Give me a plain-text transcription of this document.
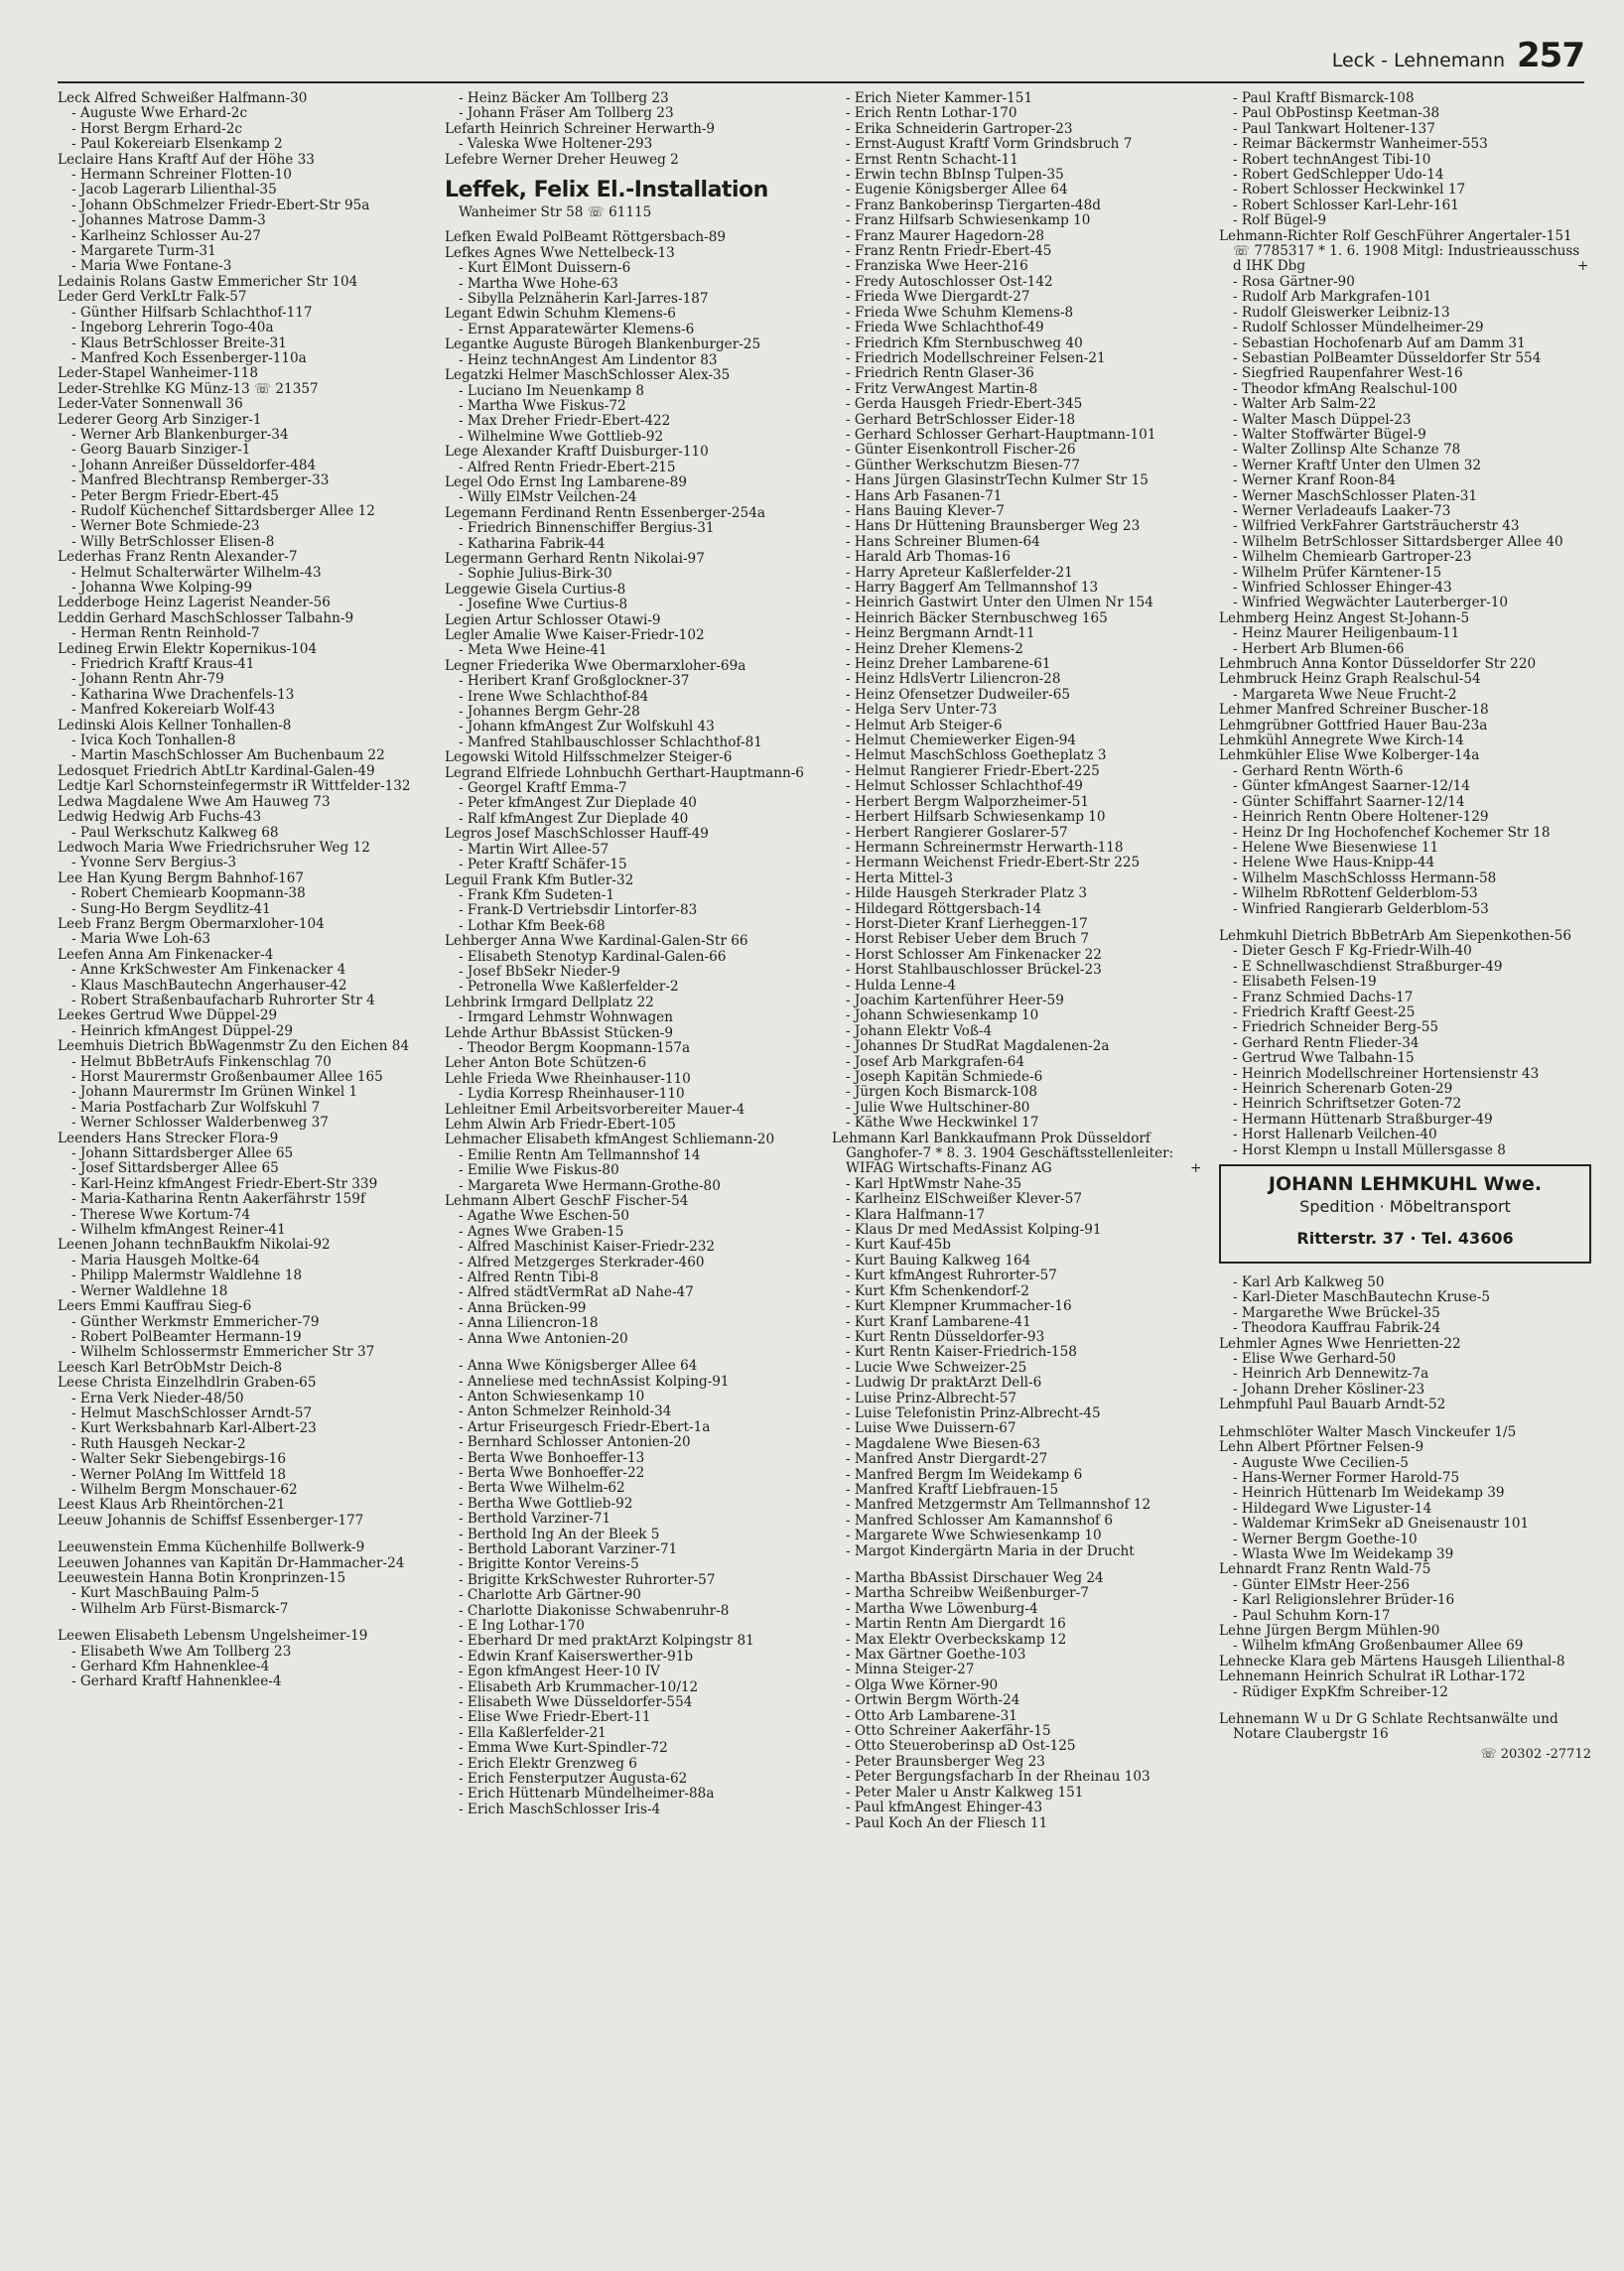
Leck - Lehnemann 257
Leck Alfred Schweißer Halfmann-30
- Auguste Wwe Erhard-2c
- Horst Bergm Erhard-2c
- Paul Kokereiarb Elsenkamp 2
Leclaire Hans Kraftf Auf der Höhe 33
- Hermann Schreiner Flotten-10
- Jacob Lagerarb Lilienthal-35
- Johann ObSchmelzer Friedr-Ebert-Str 95a
- Johannes Matrose Damm-3
- Karlheinz Schlosser Au-27
- Margarete Turm-31
- Maria Wwe Fontane-3
Ledainis Rolans Gastw Emmericher Str 104
Leder Gerd VerkLtr Falk-57
- Günther Hilfsarb Schlachthof-117
- Ingeborg Lehrerin Togo-40a
- Klaus BetrSchlosser Breite-31
- Manfred Koch Essenberger-110a
Leder-Stapel Wanheimer-118
Leder-Strehlke KG Münz-13 ☏ 21357
Leder-Vater Sonnenwall 36
Lederer Georg Arb Sinziger-1
- Werner Arb Blankenburger-34
- Georg Bauarb Sinziger-1
- Johann Anreißer Düsseldorfer-484
- Manfred Blechtransp Remberger-33
- Peter Bergm Friedr-Ebert-45
- Rudolf Küchenchef Sittardsberger Allee 12
- Werner Bote Schmiede-23
- Willy BetrSchlosser Elisen-8
Lederhas Franz Rentn Alexander-7
- Helmut Schalterwärter Wilhelm-43
- Johanna Wwe Kolping-99
Ledderboge Heinz Lagerist Neander-56
Leddin Gerhard MaschSchlosser Talbahn-9
- Herman Rentn Reinhold-7
Ledineg Erwin Elektr Kopernikus-104
- Friedrich Kraftf Kraus-41
- Johann Rentn Ahr-79
- Katharina Wwe Drachenfels-13
- Manfred Kokereiarb Wolf-43
Ledinski Alois Kellner Tonhallen-8
- Ivica Koch Tonhallen-8
- Martin MaschSchlosser Am Buchenbaum 22
Ledosquet Friedrich AbtLtr Kardinal-Galen-49
Ledtje Karl Schornsteinfegermstr iR Wittfelder-132
Ledwa Magdalene Wwe Am Hauweg 73
Ledwig Hedwig Arb Fuchs-43
- Paul Werkschutz Kalkweg 68
Ledwoch Maria Wwe Friedrichsruher Weg 12
- Yvonne Serv Bergius-3
Lee Han Kyung Bergm Bahnhof-167
- Robert Chemiearb Koopmann-38
- Sung-Ho Bergm Seydlitz-41
Leeb Franz Bergm Obermarxloher-104
- Maria Wwe Loh-63
Leefen Anna Am Finkenacker-4
- Anne KrkSchwester Am Finkenacker 4
- Klaus MaschBautechn Angerhauser-42
- Robert Straßenbaufacharb Ruhrorter Str 4
Leekes Gertrud Wwe Düppel-29
- Heinrich kfmAngest Düppel-29
Leemhuis Dietrich BbWagenmstr Zu den Eichen 84
- Helmut BbBetrAufs Finkenschlag 70
- Horst Maurermstr Großenbaumer Allee 165
- Johann Maurermstr Im Grünen Winkel 1
- Maria Postfacharb Zur Wolfskuhl 7
- Werner Schlosser Walderbenweg 37
Leenders Hans Strecker Flora-9
- Johann Sittardsberger Allee 65
- Josef Sittardsberger Allee 65
- Karl-Heinz kfmAngest Friedr-Ebert-Str 339
- Maria-Katharina Rentn Aakerfährstr 159f
- Therese Wwe Kortum-74
- Wilhelm kfmAngest Reiner-41
Leenen Johann technBaukfm Nikolai-92
- Maria Hausgeh Moltke-64
- Philipp Malermstr Waldlehne 18
- Werner Waldlehne 18
Leers Emmi Kauffrau Sieg-6
- Günther Werkmstr Emmericher-79
- Robert PolBeamter Hermann-19
- Wilhelm Schlossermstr Emmericher Str 37
Leesch Karl BetrObMstr Deich-8
Leese Christa Einzelhdlrin Graben-65
- Erna Verk Nieder-48/50
- Helmut MaschSchlosser Arndt-57
- Kurt Werksbahnarb Karl-Albert-23
- Ruth Hausgeh Neckar-2
- Walter Sekr Siebengebirgs-16
- Werner PolAng Im Wittfeld 18
- Wilhelm Bergm Monschauer-62
Leest Klaus Arb Rheintörchen-21
Leeuw Johannis de Schiffsf Essenberger-177
Leeuwenstein Emma Küchenhilfe Bollwerk-9
Leeuwen Johannes van Kapitän Dr-Hammacher-24
Leeuwestein Hanna Botin Kronprinzen-15
- Kurt MaschBauing Palm-5
- Wilhelm Arb Fürst-Bismarck-7
Leewen Elisabeth Lebensm Ungelsheimer-19
- Elisabeth Wwe Am Tollberg 23
- Gerhard Kfm Hahnenklee-4
- Gerhard Kraftf Hahnenklee-4
- Heinz Bäcker Am Tollberg 23
- Johann Fräser Am Tollberg 23
Lefarth Heinrich Schreiner Herwarth-9
- Valeska Wwe Holtener-293
Lefebre Werner Dreher Heuweg 2
Leffek, Felix El.-Installation
Wanheimer Str 58 ☏ 61115
Lefken Ewald PolBeamt Röttgersbach-89
Lefkes Agnes Wwe Nettelbeck-13
- Kurt ElMont Duissern-6
- Martha Wwe Hohe-63
- Sibylla Pelznäherin Karl-Jarres-187
Legant Edwin Schuhm Klemens-6
- Ernst Apparatewärter Klemens-6
Legantke Auguste Bürogeh Blankenburger-25
- Heinz technAngest Am Lindentor 83
Legatzki Helmer MaschSchlosser Alex-35
- Luciano Im Neuenkamp 8
- Martha Wwe Fiskus-72
- Max Dreher Friedr-Ebert-422
- Wilhelmine Wwe Gottlieb-92
Lege Alexander Kraftf Duisburger-110
- Alfred Rentn Friedr-Ebert-215
Legel Odo Ernst Ing Lambarene-89
- Willy ElMstr Veilchen-24
Legemann Ferdinand Rentn Essenberger-254a
- Friedrich Binnenschiffer Bergius-31
- Katharina Fabrik-44
Legermann Gerhard Rentn Nikolai-97
- Sophie Julius-Birk-30
Leggewie Gisela Curtius-8
- Josefine Wwe Curtius-8
Legien Artur Schlosser Otawi-9
Legler Amalie Wwe Kaiser-Friedr-102
- Meta Wwe Heine-41
Legner Friederika Wwe Obermarxloher-69a
- Heribert Kranf Großglockner-37
- Irene Wwe Schlachthof-84
- Johannes Bergm Gehr-28
- Johann kfmAngest Zur Wolfskuhl 43
- Manfred Stahlbauschlosser Schlachthof-81
Legowski Witold Hilfsschmelzer Steiger-6
Legrand Elfriede Lohnbuchh Gerthart-Hauptmann-6
- Georgel Kraftf Emma-7
- Peter kfmAngest Zur Dieplade 40
- Ralf kfmAngest Zur Dieplade 40
Legros Josef MaschSchlosser Hauff-49
- Martin Wirt Allee-57
- Peter Kraftf Schäfer-15
Leguil Frank Kfm Butler-32
- Frank Kfm Sudeten-1
- Frank-D Vertriebsdir Lintorfer-83
- Lothar Kfm Beek-68
Lehberger Anna Wwe Kardinal-Galen-Str 66
- Elisabeth Stenotyp Kardinal-Galen-66
- Josef BbSekr Nieder-9
- Petronella Wwe Kaßlerfelder-2
Lehbrink Irmgard Dellplatz 22
- Irmgard Lehmstr Wohnwagen
Lehde Arthur BbAssist Stücken-9
- Theodor Bergm Koopmann-157a
Leher Anton Bote Schützen-6
Lehle Frieda Wwe Rheinhauser-110
- Lydia Korresp Rheinhauser-110
Lehleitner Emil Arbeitsvorbereiter Mauer-4
Lehm Alwin Arb Friedr-Ebert-105
Lehmacher Elisabeth kfmAngest Schliemann-20
- Emilie Rentn Am Tellmannshof 14
- Emilie Wwe Fiskus-80
- Margareta Wwe Hermann-Grothe-80
Lehmann Albert GeschF Fischer-54
- Agathe Wwe Eschen-50
- Agnes Wwe Graben-15
- Alfred Maschinist Kaiser-Friedr-232
- Alfred Metzgerges Sterkrader-460
- Alfred Rentn Tibi-8
- Alfred städtVermRat aD Nahe-47
- Anna Brücken-99
- Anna Liliencron-18
- Anna Wwe Antonien-20
- Anna Wwe Königsberger Allee 64
- Anneliese med technAssist Kolping-91
- Anton Schwiesenkamp 10
- Anton Schmelzer Reinhold-34
- Artur Friseurgesch Friedr-Ebert-1a
- Bernhard Schlosser Antonien-20
- Berta Wwe Bonhoeffer-13
- Berta Wwe Bonhoeffer-22
- Berta Wwe Wilhelm-62
- Bertha Wwe Gottlieb-92
- Berthold Varziner-71
- Berthold Ing An der Bleek 5
- Berthold Laborant Varziner-71
- Brigitte Kontor Vereins-5
- Brigitte KrkSchwester Ruhrorter-57
- Charlotte Arb Gärtner-90
- Charlotte Diakonisse Schwabenruhr-8
- E Ing Lothar-170
- Eberhard Dr med praktArzt Kolpingstr 81
- Edwin Kranf Kaiserswerther-91b
- Egon kfmAngest Heer-10 IV
- Elisabeth Arb Krummacher-10/12
- Elisabeth Wwe Düsseldorfer-554
- Elise Wwe Friedr-Ebert-11
- Ella Kaßlerfelder-21
- Emma Wwe Kurt-Spindler-72
- Erich Elektr Grenzweg 6
- Erich Fensterputzer Augusta-62
- Erich Hüttenarb Mündelheimer-88a
- Erich MaschSchlosser Iris-4
- Erich Nieter Kammer-151
- Erich Rentn Lothar-170
- Erika Schneiderin Gartroper-23
- Ernst-August Kraftf Vorm Grindsbruch 7
- Ernst Rentn Schacht-11
- Erwin techn BbInsp Tulpen-35
- Eugenie Königsberger Allee 64
- Franz Bankoberinsp Tiergarten-48d
- Franz Hilfsarb Schwiesenkamp 10
- Franz Maurer Hagedorn-28
- Franz Rentn Friedr-Ebert-45
- Franziska Wwe Heer-216
- Fredy Autoschlosser Ost-142
- Frieda Wwe Diergardt-27
- Frieda Wwe Schuhm Klemens-8
- Frieda Wwe Schlachthof-49
- Friedrich Kfm Sternbuschweg 40
- Friedrich Modellschreiner Felsen-21
- Friedrich Rentn Glaser-36
- Fritz VerwAngest Martin-8
- Gerda Hausgeh Friedr-Ebert-345
- Gerhard BetrSchlosser Eider-18
- Gerhard Schlosser Gerhart-Hauptmann-101
- Günter Eisenkontroll Fischer-26
- Günther Werkschutzm Biesen-77
- Hans Jürgen GlasinstrTechn Kulmer Str 15
- Hans Arb Fasanen-71
- Hans Bauing Klever-7
- Hans Dr Hüttening Braunsberger Weg 23
- Hans Schreiner Blumen-64
- Harald Arb Thomas-16
- Harry Apreteur Kaßlerfelder-21
- Harry Baggerf Am Tellmannshof 13
- Heinrich Gastwirt Unter den Ulmen Nr 154
- Heinrich Bäcker Sternbuschweg 165
- Heinz Bergmann Arndt-11
- Heinz Dreher Klemens-2
- Heinz Dreher Lambarene-61
- Heinz HdlsVertr Liliencron-28
- Heinz Ofensetzer Dudweiler-65
- Helga Serv Unter-73
- Helmut Arb Steiger-6
- Helmut Chemiewerker Eigen-94
- Helmut MaschSchloss Goetheplatz 3
- Helmut Rangierer Friedr-Ebert-225
- Helmut Schlosser Schlachthof-49
- Herbert Bergm Walporzheimer-51
- Herbert Hilfsarb Schwiesenkamp 10
- Herbert Rangierer Goslarer-57
- Hermann Schreinermstr Herwarth-118
- Hermann Weichenst Friedr-Ebert-Str 225
- Herta Mittel-3
- Hilde Hausgeh Sterkrader Platz 3
- Hildegard Röttgersbach-14
- Horst-Dieter Kranf Lierheggen-17
- Horst Rebiser Ueber dem Bruch 7
- Horst Schlosser Am Finkenacker 22
- Horst Stahlbauschlosser Brückel-23
- Hulda Lenne-4
- Joachim Kartenführer Heer-59
- Johann Schwiesenkamp 10
- Johann Elektr Voß-4
- Johannes Dr StudRat Magdalenen-2a
- Josef Arb Markgrafen-64
- Joseph Kapitän Schmiede-6
- Jürgen Koch Bismarck-108
- Julie Wwe Hultschiner-80
- Käthe Wwe Heckwinkel 17
Lehmann Karl Bankkaufmann Prok Düsseldorf Ganghofer-7 * 8. 3. 1904 Geschäftsstellenleiter: WIFAG Wirtschafts-Finanz AG	+
- Karl HptWmstr Nahe-35
- Karlheinz ElSchweißer Klever-57
- Klara Halfmann-17
- Klaus Dr med MedAssist Kolping-91
- Kurt Kauf-45b
- Kurt Bauing Kalkweg 164
- Kurt kfmAngest Ruhrorter-57
- Kurt Kfm Schenkendorf-2
- Kurt Klempner Krummacher-16
- Kurt Kranf Lambarene-41
- Kurt Rentn Düsseldorfer-93
- Kurt Rentn Kaiser-Friedrich-158
- Lucie Wwe Schweizer-25
- Ludwig Dr praktArzt Dell-6
- Luise Prinz-Albrecht-57
- Luise Telefonistin Prinz-Albrecht-45
- Luise Wwe Duissern-67
- Magdalene Wwe Biesen-63
- Manfred Anstr Diergardt-27
- Manfred Bergm Im Weidekamp 6
- Manfred Kraftf Liebfrauen-15
- Manfred Metzgermstr Am Tellmannshof 12
- Manfred Schlosser Am Kamannshof 6
- Margarete Wwe Schwiesenkamp 10
- Margot Kindergärtn Maria in der Drucht
- Martha BbAssist Dirschauer Weg 24
- Martha Schreibw Weißenburger-7
- Martha Wwe Löwenburg-4
- Martin Rentn Am Diergardt 16
- Max Elektr Overbeckskamp 12
- Max Gärtner Goethe-103
- Minna Steiger-27
- Olga Wwe Körner-90
- Ortwin Bergm Wörth-24
- Otto Arb Lambarene-31
- Otto Schreiner Aakerfähr-15
- Otto Steueroberinsp aD Ost-125
- Peter Braunsberger Weg 23
- Peter Bergungsfacharb In der Rheinau 103
- Peter Maler u Anstr Kalkweg 151
- Paul kfmAngest Ehinger-43
- Paul Koch An der Fliesch 11
- Paul Kraftf Bismarck-108
- Paul ObPostinsp Keetman-38
- Paul Tankwart Holtener-137
- Reimar Bäckermstr Wanheimer-553
- Robert technAngest Tibi-10
- Robert GedSchlepper Udo-14
- Robert Schlosser Heckwinkel 17
- Robert Schlosser Karl-Lehr-161
- Rolf Bügel-9
Lehmann-Richter Rolf GeschFührer Angertaler-151 ☏ 7785317 * 1. 6. 1908 Mitgl: Industrieausschuss d IHK Dbg	+
- Rosa Gärtner-90
- Rudolf Arb Markgrafen-101
- Rudolf Gleiswerker Leibniz-13
- Rudolf Schlosser Mündelheimer-29
- Sebastian Hochofenarb Auf am Damm 31
- Sebastian PolBeamter Düsseldorfer Str 554
- Siegfried Raupenfahrer West-16
- Theodor kfmAng Realschul-100
- Walter Arb Salm-22
- Walter Masch Düppel-23
- Walter Stoffwärter Bügel-9
- Walter Zollinsp Alte Schanze 78
- Werner Kraftf Unter den Ulmen 32
- Werner Kranf Roon-84
- Werner MaschSchlosser Platen-31
- Werner Verladeaufs Laaker-73
- Wilfried VerkFahrer Gartsträucherstr 43
- Wilhelm BetrSchlosser Sittardsberger Allee 40
- Wilhelm Chemiearb Gartroper-23
- Wilhelm Prüfer Kärntener-15
- Winfried Schlosser Ehinger-43
- Winfried Wegwächter Lauterberger-10
Lehmberg Heinz Angest St-Johann-5
- Heinz Maurer Heiligenbaum-11
- Herbert Arb Blumen-66
Lehmbruch Anna Kontor Düsseldorfer Str 220
Lehmbruck Heinz Graph Realschul-54
- Margareta Wwe Neue Frucht-2
Lehmer Manfred Schreiner Buscher-18
Lehmgrübner Gottfried Hauer Bau-23a
Lehmkühl Annegrete Wwe Kirch-14
Lehmkühler Elise Wwe Kolberger-14a
- Gerhard Rentn Wörth-6
- Günter kfmAngest Saarner-12/14
- Günter Schiffahrt Saarner-12/14
- Heinrich Rentn Obere Holtener-129
- Heinz Dr Ing Hochofenchef Kochemer Str 18
- Helene Wwe Biesenwiese 11
- Helene Wwe Haus-Knipp-44
- Wilhelm MaschSchlosss Hermann-58
- Wilhelm RbRottenf Gelderblom-53
- Winfried Rangierarb Gelderblom-53
Lehmkuhl Dietrich BbBetrArb Am Siepenkothen-56
- Dieter Gesch F Kg-Friedr-Wilh-40
- E Schnellwaschdienst Straßburger-49
- Elisabeth Felsen-19
- Franz Schmied Dachs-17
- Friedrich Kraftf Geest-25
- Friedrich Schneider Berg-55
- Gerhard Rentn Flieder-34
- Gertrud Wwe Talbahn-15
- Heinrich Modellschreiner Hortensienstr 43
- Heinrich Scherenarb Goten-29
- Heinrich Schriftsetzer Goten-72
- Hermann Hüttenarb Straßburger-49
- Horst Hallenarb Veilchen-40
- Horst Klempn u Install Müllersgasse 8
JOHANN LEHMKUHL Wwe.
Spedition · Möbeltransport
Ritterstr. 37 · Tel. 43606
- Karl Arb Kalkweg 50
- Karl-Dieter MaschBautechn Kruse-5
- Margarethe Wwe Brückel-35
- Theodora Kauffrau Fabrik-24
Lehmler Agnes Wwe Henrietten-22
- Elise Wwe Gerhard-50
- Heinrich Arb Dennewitz-7a
- Johann Dreher Kösliner-23
Lehmpfuhl Paul Bauarb Arndt-52
Lehmschlöter Walter Masch Vinckeufer 1/5
Lehn Albert Pförtner Felsen-9
- Auguste Wwe Cecilien-5
- Hans-Werner Former Harold-75
- Heinrich Hüttenarb Im Weidekamp 39
- Hildegard Wwe Liguster-14
- Waldemar KrimSekr aD Gneisenaustr 101
- Werner Bergm Goethe-10
- Wlasta Wwe Im Weidekamp 39
Lehnardt Franz Rentn Wald-75
- Günter ElMstr Heer-256
- Karl Religionslehrer Brüder-16
- Paul Schuhm Korn-17
Lehne Jürgen Bergm Mühlen-90
- Wilhelm kfmAng Großenbaumer Allee 69
Lehnecke Klara geb Märtens Hausgeh Lilienthal-8
Lehnemann Heinrich Schulrat iR Lothar-172
- Rüdiger ExpKfm Schreiber-12
Lehnemann W u Dr G Schlate Rechtsanwälte und Notare Claubergstr 16
☏ 20302 -27712
